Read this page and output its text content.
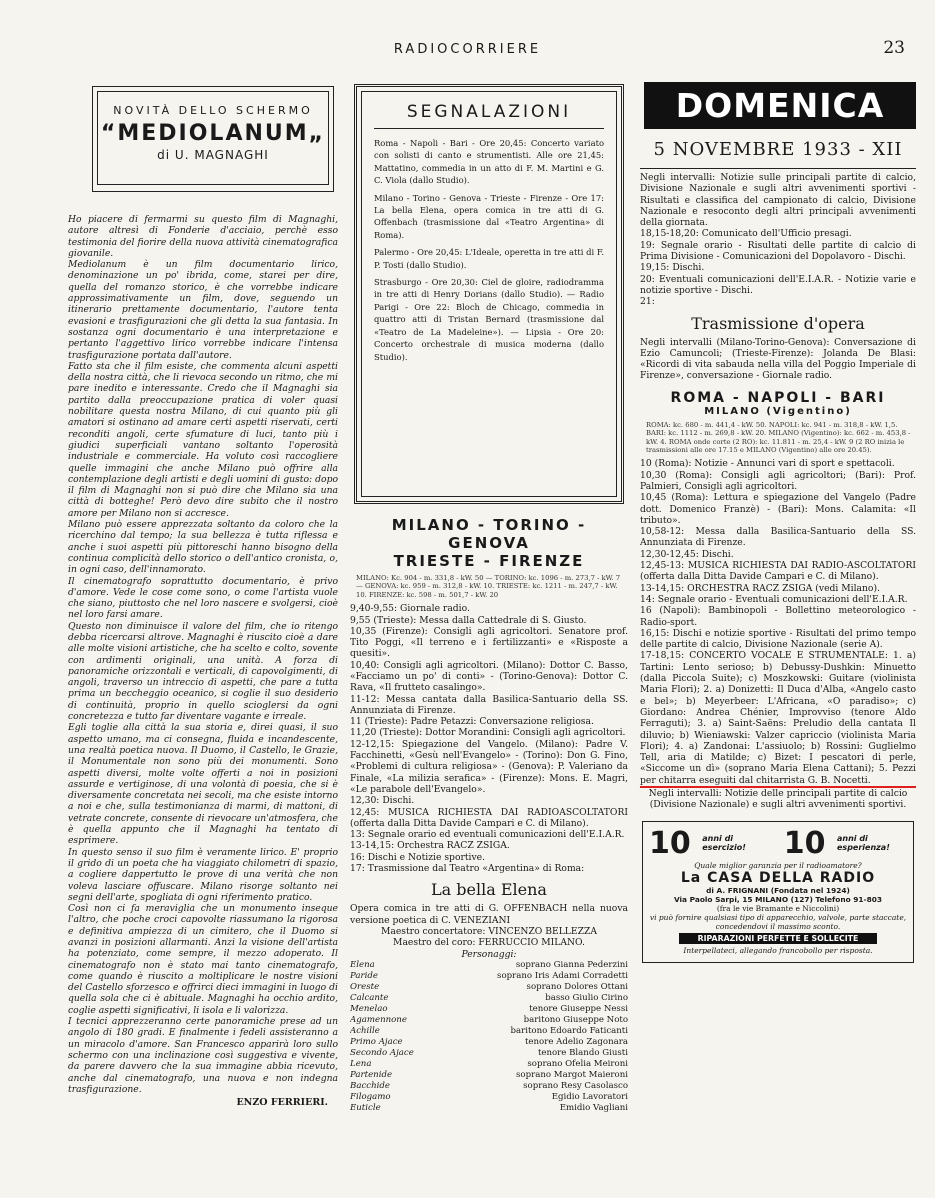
RADIOCORRIERE	23
NOVITÀ DELLO SCHERMO
“MEDIOLANUM„
di U. MAGNAGHI

Ho piacere di fermarmi su questo film di Magnaghi, autore altresì di Fonderie d'acciaio, perchè esso testimonia del fiorire della nuova attività cinematografica giovanile.

Mediolanum è un film documentario lirico, denominazione un po' ibrida, come, starei per dire, quella del romanzo storico, è che vorrebbe indicare approssimativamente un film, dove, seguendo un itinerario prettamente documentario, l'autore tenta evasioni e trasfigurazioni che gli detta la sua fantasia. In sostanza ogni documentario è una interpretazione e pertanto l'aggettivo lirico vorrebbe indicare l'intensa trasfigurazione portata dall'autore.

Fatto sta che il film esiste, che commenta alcuni aspetti della nostra città, che li rievoca secondo un ritmo, che mi pare inedito e interessante. Credo che il Magnaghi sia partito dalla preoccupazione pratica di voler quasi nobilitare questa nostra Milano, di cui quanto più gli amatori si ostinano ad amare certi aspetti riservati, certi reconditi angoli, certe sfumature di luci, tanto più i giudici superficiali vantano soltanto l'operosità industriale e commerciale. Ha voluto così raccogliere quelle immagini che anche Milano può offrire alla contemplazione degli artisti e degli uomini di gusto: dopo il film di Magnaghi non si può dire che Milano sia una città di botteghe! Però devo dire subito che il nostro amore per Milano non si accresce.

Milano può essere apprezzata soltanto da coloro che la ricerchino dal tempo; la sua bellezza è tutta riflessa e anche i suoi aspetti più pittoreschi hanno bisogno della continua complicità dello storico o dell'antico cronista, o, in ogni caso, dell'innamorato.

Il cinematografo soprattutto documentario, è privo d'amore. Vede le cose come sono, o come l'artista vuole che siano, piuttosto che nel loro nascere e svolgersi, cioè nel loro farsi amare.

Questo non diminuisce il valore del film, che io ritengo debba ricercarsi altrove. Magnaghi è riuscito cioè a dare alle molte visioni artistiche, che ha scelto e colto, sovente con ardimenti originali, una unità. A forza di panoramiche orizzontali e verticali, di capovolgimenti, di angoli, traverso un intreccio di aspetti, che pare a tutta prima un beccheggio oceanico, si coglie il suo desiderio di continuità, proprio in quello scioglersi da ogni concretezza e tutto far diventare vagante e irreale.

Egli toglie alla città la sua storia e, direi quasi, il suo aspetto umano, ma ci consegna, fluida e incandescente, una realtà poetica nuova. Il Duomo, il Castello, le Grazie, il Monumentale non sono più dei monumenti. Sono aspetti diversi, molte volte offerti a noi in posizioni assurde e vertiginose, di una volontà di poesia, che si è diversamente concretata nei secoli, ma che esiste intorno a noi e che, sulla testimonianza di marmi, di mattoni, di vetrate concrete, consente di rievocare un'atmosfera, che è quella appunto che il Magnaghi ha tentato di esprimere.

In questo senso il suo film è veramente lirico. E' proprio il grido di un poeta che ha viaggiato chilometri di spazio, a cogliere dappertutto le prove di una verità che non voleva lasciare offuscare. Milano risorge soltanto nei segni dell'arte, spogliata di ogni riferimento pratico.

Così non ci fa meraviglia che un monumento inseque l'altro, che poche croci capovolte riassumano la rigorosa e definitiva ampiezza di un cimitero, che il Duomo si avanzi in posizioni allarmanti. Anzi la visione dell'artista ha potenziato, come sempre, il mezzo adoperato. Il cinematografo non è stato mai tanto cinematografo, come quando è riuscito a moltiplicare le nostre visioni del Castello sforzesco e offrirci dieci immagini in luogo di quella sola che ci è abituale. Magnaghi ha occhio ardito, coglie aspetti significativi, li isola e li valorizza.

I tecnici apprezzeranno certe panoramiche prese ad un angolo di 180 gradi. E finalmente i fedeli assisteranno a un miracolo d'amore. San Francesco apparirà loro sullo schermo con una inclinazione così suggestiva e vivente, da parere davvero che la sua immagine abbia ricevuto, anche dal cinematografo, una nuova e non indegna trasfigurazione.

ENZO FERRIERI.
SEGNALAZIONI

Roma - Napoli - Bari - Ore 20,45: Concerto variato con solisti di canto e strumentisti. Alle ore 21,45: Mattatino, commedia in un atto di F. M. Martini e G. C. Viola (dallo Studio).

Milano - Torino - Genova - Trieste - Firenze - Ore 17: La bella Elena, opera comica in tre atti di G. Offenbach (trasmissione dal «Teatro Argentina» di Roma).

Palermo - Ore 20,45: L'Ideale, operetta in tre atti di F. P. Tosti (dallo Studio).

Strasburgo - Ore 20,30: Ciel de gloire, radiodramma in tre atti di Henry Dorians (dallo Studio). — Radio Parigi - Ore 22: Bloch de Chicago, commedia in quattro atti di Tristan Bernard (trasmissione dal «Teatro de La Madeleine»). — Lipsia - Ore 20: Concerto orchestrale di musica moderna (dallo Studio).

MILANO - TORINO - GENOVA
TRIESTE - FIRENZE
MILANO: Kc. 904 - m. 331,8 - kW. 50 — TORINO: kc. 1096 - m. 273,7 - kW. 7 — GENOVA: kc. 959 - m. 312,8 - kW. 10. TRIESTE: kc. 1211 - m. 247,7 - kW. 10. FIRENZE: kc. 598 - m. 501,7 - kW. 20

9,40-9,55: Giornale radio.

9,55 (Trieste): Messa dalla Cattedrale di S. Giusto.

10,35 (Firenze): Consigli agli agricoltori. Senatore prof. Tito Poggi, «Il terreno e i fertilizzanti» e «Risposte a quesiti».

10,40: Consigli agli agricoltori. (Milano): Dottor C. Basso, «Facciamo un po' di conti» - (Torino-Genova): Dottor C. Rava, «Il frutteto casalingo».

11-12: Messa cantata dalla Basilica-Santuario della SS. Annunziata di Firenze.

11 (Trieste): Padre Petazzi: Conversazione religiosa.

11,20 (Trieste): Dottor Morandini: Consigli agli agricoltori.

12-12,15: Spiegazione del Vangelo. (Milano): Padre V. Facchinetti, «Gesù nell'Evangelo» - (Torino): Don G. Fino, «Problemi di cultura religiosa» - (Genova): P. Valeriano da Finale, «La milizia serafica» - (Firenze): Mons. E. Magri, «Le parabole dell'Evangelo».

12,30: Dischi.

12,45: MUSICA RICHIESTA DAI RADIOASCOLTATORI (offerta dalla Ditta Davide Campari e C. di Milano).

13: Segnale orario ed eventuali comunicazioni dell'E.I.A.R.

13-14,15: Orchestra RACZ ZSIGA.

16: Dischi e Notizie sportive.

17: Trasmissione dal Teatro «Argentina» di Roma:

La bella Elena

Opera comica in tre atti di G. OFFENBACH nella nuova versione poetica di C. VENEZIANI

Maestro concertatore: VINCENZO BELLEZZA

Maestro del coro: FERRUCCIO MILANO.

Personaggi:

Elena	soprano Gianna Pederzini
Paride	soprano Iris Adami Corradetti
Oreste	soprano Dolores Ottani
Calcante	basso Giulio Cirino
Menelao	tenore Giuseppe Nessi
Agamennone	baritono Giuseppe Noto
Achille	baritono Edoardo Faticanti
Primo Ajace	tenore Adelio Zagonara
Secondo Ajace	tenore Blando Giusti
Lena	soprano Ofelia Meironi
Partenide	soprano Margot Maieroni
Bacchide	soprano Resy Casolasco
Filogamo	Egidio Lavoratori
Euticle	Emidio Vagliani
DOMENICA
5 NOVEMBRE 1933 - XII

Negli intervalli: Notizie sulle principali partite di calcio, Divisione Nazionale e sugli altri avvenimenti sportivi - Risultati e classifica del campionato di calcio, Divisione Nazionale e resoconto degli altri principali avvenimenti della giornata.

18,15-18,20: Comunicato dell'Ufficio presagi.

19: Segnale orario - Risultati delle partite di calcio di Prima Divisione - Comunicazioni del Dopolavoro - Dischi.

19,15: Dischi.

20: Eventuali comunicazioni dell'E.I.A.R. - Notizie varie e notizie sportive - Dischi.

21:

Trasmissione d'opera

Negli intervalli (Milano-Torino-Genova): Conversazione di Ezio Camuncoli; (Trieste-Firenze): Jolanda De Blasi: «Ricordi di vita sabauda nella villa del Poggio Imperiale di Firenze», conversazione - Giornale radio.

ROMA - NAPOLI - BARI
MILANO (Vigentino)
ROMA: kc. 680 - m. 441,4 - kW. 50. NAPOLI: kc. 941 - m. 318,8 - kW. 1,5. BARI: kc. 1112 - m. 269,8 - kW. 20. MILANO (Vigentino): kc. 662 - m. 453,8 - kW. 4. ROMA onde corte (2 RO): kc. 11.811 - m. 25,4 - kW. 9 (2 RO inizia le trasmissioni alle ore 17.15 e MILANO (Vigentino) alle ore 20.45).

10 (Roma): Notizie - Annunci vari di sport e spettacoli.

10,30 (Roma): Consigli agli agricoltori; (Bari): Prof. Palmieri, Consigli agli agricoltori.

10,45 (Roma): Lettura e spiegazione del Vangelo (Padre dott. Domenico Franzè) - (Bari): Mons. Calamita: «Il tributo».

10,58-12: Messa dalla Basilica-Santuario della SS. Annunziata di Firenze.

12,30-12,45: Dischi.

12,45-13: MUSICA RICHIESTA DAI RADIO-ASCOLTATORI (offerta dalla Ditta Davide Campari e C. di Milano).

13-14,15: ORCHESTRA RACZ ZSIGA (vedi Milano).

14: Segnale orario - Eventuali comunicazioni dell'E.I.A.R.

16 (Napoli): Bambinopoli - Bollettino meteorologico - Radio-sport.

16,15: Dischi e notizie sportive - Risultati del primo tempo delle partite di calcio, Divisione Nazionale (serie A).

17-18,15: CONCERTO VOCALE E STRUMENTALE: 1. a) Tartini: Lento serioso; b) Debussy-Dushkin: Minuetto (dalla Piccola Suite); c) Moszkowski: Guitare (violinista Maria Flori); 2. a) Donizetti: Il Duca d'Alba, «Angelo casto e bel»; b) Meyerbeer: L'Africana, «O paradiso»; c) Giordano: Andrea Chénier, Improvviso (tenore Aldo Ferraguti); 3. a) Saint-Saëns: Preludio della cantata Il diluvio; b) Wieniawski: Valzer capriccio (violinista Maria Flori); 4. a) Zandonai: L'assiuolo; b) Rossini: Guglielmo Tell, aria di Matilde; c) Bizet: I pescatori di perle, «Siccome un dì» (soprano Maria Elena Cattani); 5. Pezzi per chitarra eseguiti dal chitarrista G. B. Nocetti.

Negli intervalli: Notizie delle principali partite di calcio (Divisione Nazionale) e sugli altri avvenimenti sportivi.

10 anni di esercizio!	10 anni di esperienza!
Quale miglior garanzia per il radioamatore?
La CASA DELLA RADIO
di A. FRIGNANI (Fondata nel 1924)
Via Paolo Sarpi, 15 MILANO (127) Telefono 91-803
(fra le vie Bramante e Niccolini)
vi può fornire qualsiasi tipo di apparecchio, valvole, parte staccate, concedendovi il massimo sconto.
RIPARAZIONI PERFETTE E SOLLECITE
Interpellateci, allegando francobollo per risposta.
